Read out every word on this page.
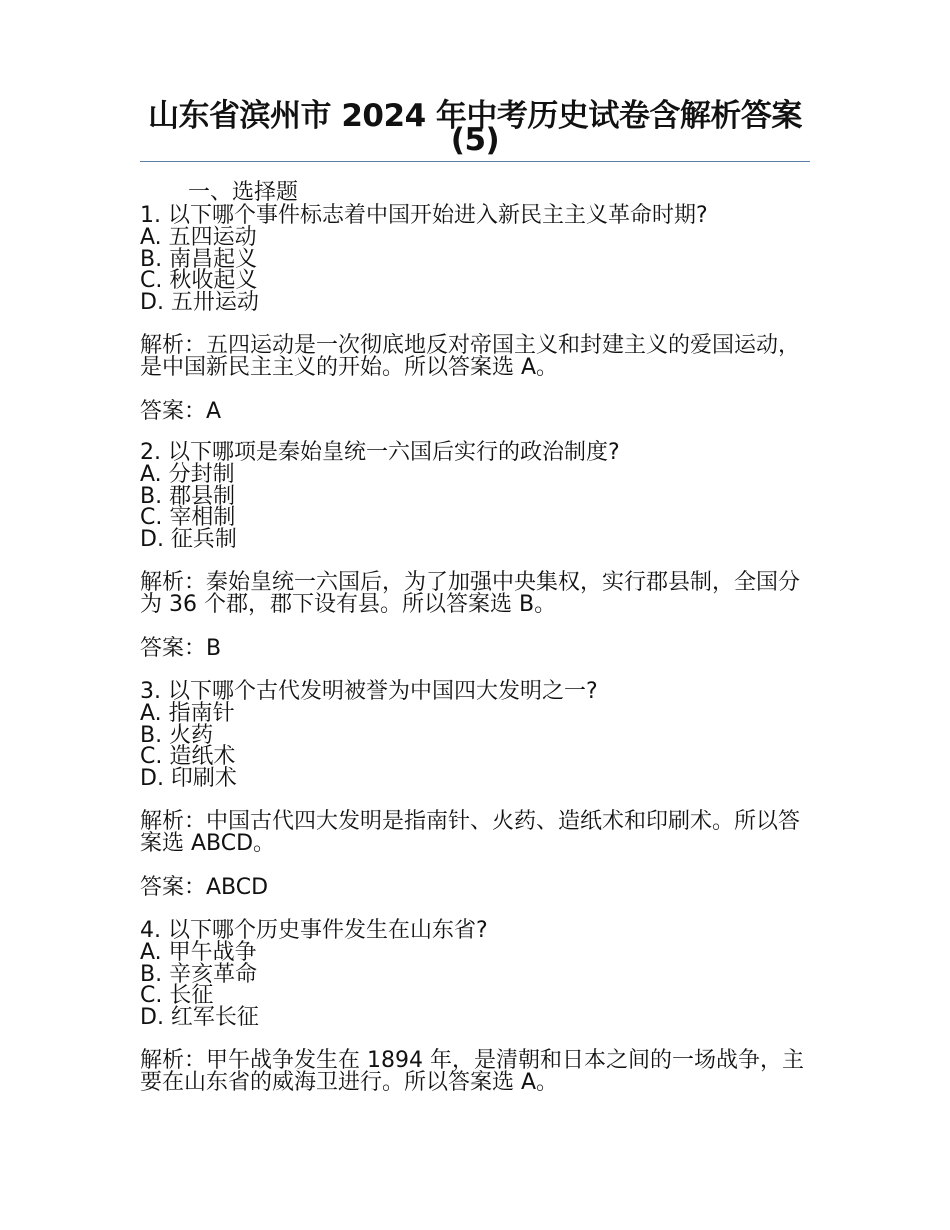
山东省滨州市 2024 年中考历史试卷含解析答案(5)
一、选择题
1. 以下哪个事件标志着中国开始进入新民主主义革命时期?
A. 五四运动
B. 南昌起义
C. 秋收起义
D. 五卅运动
解析：五四运动是一次彻底地反对帝国主义和封建主义的爱国运动，是中国新民主主义的开始。所以答案选 A。
答案：A
2. 以下哪项是秦始皇统一六国后实行的政治制度?
A. 分封制
B. 郡县制
C. 宰相制
D. 征兵制
解析：秦始皇统一六国后，为了加强中央集权，实行郡县制，全国分为 36 个郡，郡下设有县。所以答案选 B。
答案：B
3. 以下哪个古代发明被誉为中国四大发明之一?
A. 指南针
B. 火药
C. 造纸术
D. 印刷术
解析：中国古代四大发明是指南针、火药、造纸术和印刷术。所以答案选 ABCD。
答案：ABCD
4. 以下哪个历史事件发生在山东省?
A. 甲午战争
B. 辛亥革命
C. 长征
D. 红军长征
解析：甲午战争发生在 1894 年，是清朝和日本之间的一场战争，主要在山东省的威海卫进行。所以答案选 A。
